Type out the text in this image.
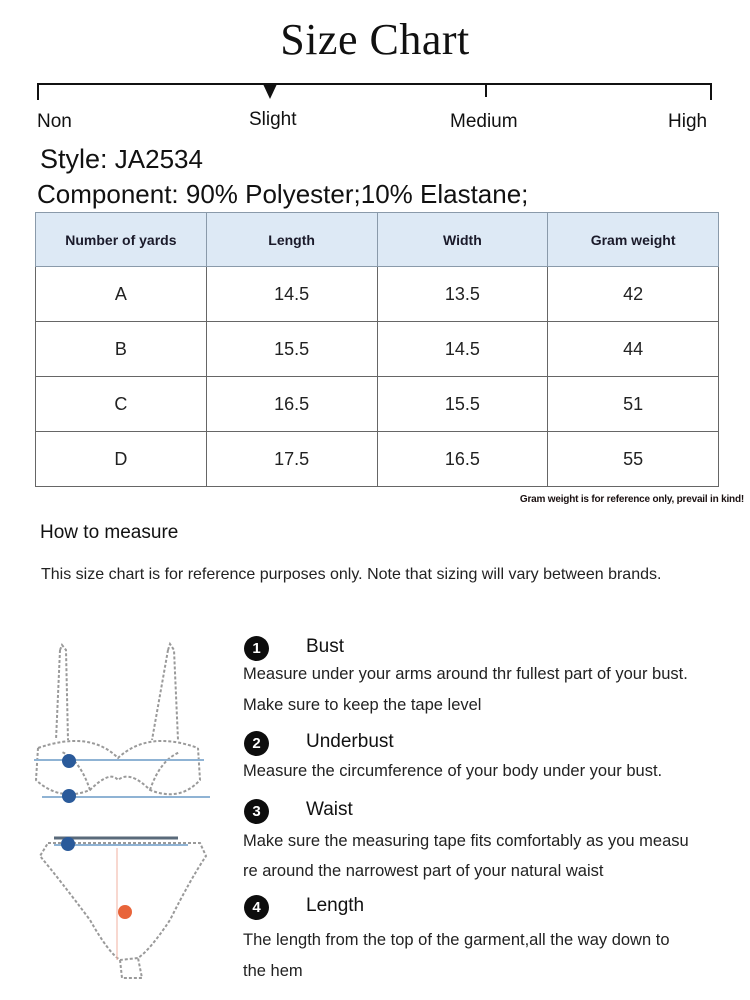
Size Chart
Non	Slight	Medium	High
Style: JA2534
Component: 90% Polyester;10% Elastane;
Number of yards	Length	Width	Gram weight
A	14.5	13.5	42
B	15.5	14.5	44
C	16.5	15.5	51
D	17.5	16.5	55
Gram weight is for reference only, prevail in kind!
How to measure
This size chart is for reference purposes only. Note that sizing will vary between brands.
1	Bust
Measure under your arms around thr fullest part of your bust.
Make sure to keep the tape level
2	Underbust
Measure the circumference of your body under your bust.
3	Waist
Make sure the measuring tape fits comfortably as you measu
re around the narrowest part of your natural waist
4	Length
The length from the top of the garment,all the way down to
the hem
